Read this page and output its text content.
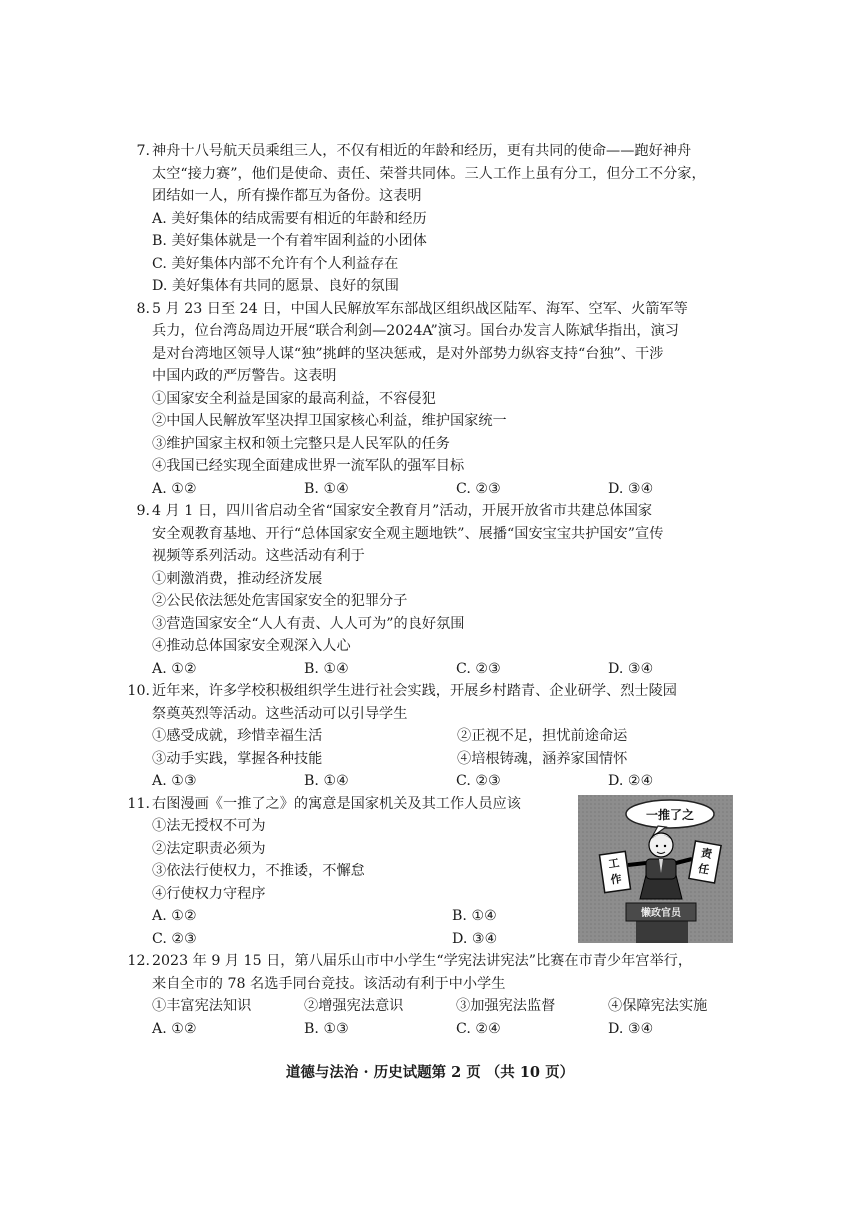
7. 神舟十八号航天员乘组三人，不仅有相近的年龄和经历，更有共同的使命——跑好神舟
太空“接力赛”，他们是使命、责任、荣誉共同体。三人工作上虽有分工，但分工不分家，
团结如一人，所有操作都互为备份。这表明
A. 美好集体的结成需要有相近的年龄和经历
B. 美好集体就是一个有着牢固利益的小团体
C. 美好集体内部不允许有个人利益存在
D. 美好集体有共同的愿景、良好的氛围
8. 5 月 23 日至 24 日，中国人民解放军东部战区组织战区陆军、海军、空军、火箭军等
兵力，位台湾岛周边开展“联合利剑—2024A”演习。国台办发言人陈斌华指出，演习
是对台湾地区领导人谋“独”挑衅的坚决惩戒，是对外部势力纵容支持“台独”、干涉
中国内政的严厉警告。这表明
①国家安全利益是国家的最高利益，不容侵犯
②中国人民解放军坚决捍卫国家核心利益，维护国家统一
③维护国家主权和领土完整只是人民军队的任务
④我国已经实现全面建成世界一流军队的强军目标
A. ①②	B. ①④	C. ②③	D. ③④
9. 4 月 1 日，四川省启动全省“国家安全教育月”活动，开展开放省市共建总体国家
安全观教育基地、开行“总体国家安全观主题地铁”、展播“国安宝宝共护国安”宣传
视频等系列活动。这些活动有利于
①刺激消费，推动经济发展
②公民依法惩处危害国家安全的犯罪分子
③营造国家安全“人人有责、人人可为”的良好氛围
④推动总体国家安全观深入人心
A. ①②	B. ①④	C. ②③	D. ③④
10. 近年来，许多学校积极组织学生进行社会实践，开展乡村踏青、企业研学、烈士陵园
祭奠英烈等活动。这些活动可以引导学生
①感受成就，珍惜幸福生活	②正视不足，担忧前途命运
③动手实践，掌握各种技能	④培根铸魂，涵养家国情怀
A. ①③	B. ①④	C. ②③	D. ②④
11. 右图漫画《一推了之》的寓意是国家机关及其工作人员应该
①法无授权不可为
②法定职责必须为
③依法行使权力，不推诿，不懈怠
④行使权力守程序
A. ①②	B. ①④
C. ②③	D. ③④
一推了之
懒政官员
工
作
责
任
12. 2023 年 9 月 15 日，第八届乐山市中小学生“学宪法讲宪法”比赛在市青少年宫举行，
来自全市的 78 名选手同台竞技。该活动有利于中小学生
①丰富宪法知识	②增强宪法意识	③加强宪法监督	④保障宪法实施
A. ①②	B. ①③	C. ②④	D. ③④
道德与法治 · 历史试题第 2 页 （共 10 页）
